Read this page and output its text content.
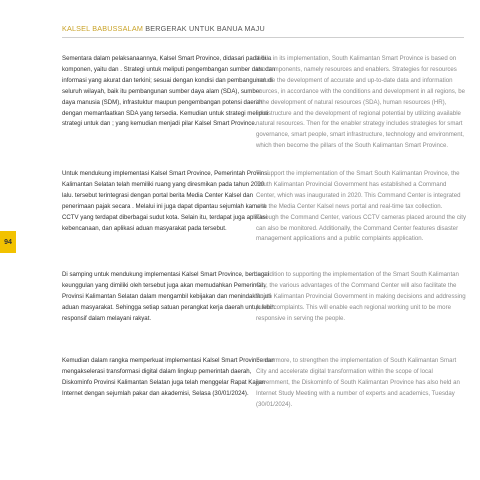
KALSEL BABUSSALAM BERGERAK UNTUK BANUA MAJU
94

Sementara dalam pelaksanaannya, Kalsel Smart Province, didasari pada dua komponen, yaitu dan . Strategi untuk meliputi pengembangan sumber data dan informasi yang akurat dan terkini; sesuai dengan kondisi dan pembangunan di seluruh wilayah, baik itu pembangunan sumber daya alam (SDA), sumber daya manusia (SDM), infrastuktur maupun pengembangan potensi daerah dengan memanfaatkan SDA yang tersedia. Kemudian untuk strategi meliputi strategi untuk dan ; yang kemudian menjadi pilar Kalsel Smart Province.

Untuk mendukung implementasi Kalsel Smart Province, Pemerintah Provinsi Kalimantan Selatan telah memiliki ruang yang diresmikan pada tahun 2020 lalu. tersebut terintegrasi dengan portal berita Media Center Kalsel dan penerimaan pajak secara . Melalui ini juga dapat dipantau sejumlah kamera CCTV yang terdapat diberbagai sudut kota. Selain itu, terdapat juga aplikasi kebencanaan, dan aplikasi aduan masyarakat pada tersebut.

Di samping untuk mendukung implementasi Kalsel Smart Province, berbagai keunggulan yang dimiliki oleh tersebut juga akan memudahkan Pemerintah Provinsi Kalimantan Selatan dalam mengambil kebijakan dan menindaklanjuti aduan masyarakat. Sehingga setiap satuan perangkat kerja daerah untuk lebih responsif dalam melayani rakyat.

Kemudian dalam rangka memperkuat implementasi Kalsel Smart Province dan mengakselerasi transformasi digital dalam lingkup pemerintah daerah, Diskominfo Provinsi Kalimantan Selatan juga telah menggelar Rapat Kajian Internet dengan sejumlah pakar dan akademisi, Selasa (30/01/2024).

While in its implementation, South Kalimantan Smart Province is based on two components, namely resources and enablers. Strategies for resources include the development of accurate and up-to-date data and information sources, in accordance with the conditions and development in all regions, be it the development of natural resources (SDA), human resources (HR), infrastructure and the development of regional potential by utilizing available natural resources. Then for the enabler strategy includes strategies for smart governance, smart people, smart infrastructure, technology and environment, which then become the pillars of the South Kalimantan Smart Province.

To support the implementation of the Smart South Kalimantan Province, the South Kalimantan Provincial Government has established a Command Center, which was inaugurated in 2020. This Command Center is integrated with the Media Center Kalsel news portal and real-time tax collection. Through the Command Center, various CCTV cameras placed around the city can also be monitored. Additionally, the Command Center features disaster management applications and a public complaints application.

In addition to supporting the implementation of the Smart South Kalimantan City, the various advantages of the Command Center will also facilitate the South Kalimantan Provincial Government in making decisions and addressing public complaints. This will enable each regional working unit to be more responsive in serving the people.

Furthermore, to strengthen the implementation of South Kalimantan Smart City and accelerate digital transformation within the scope of local government, the Diskominfo of South Kalimantan Province has also held an Internet Study Meeting with a number of experts and academics, Tuesday (30/01/2024).
